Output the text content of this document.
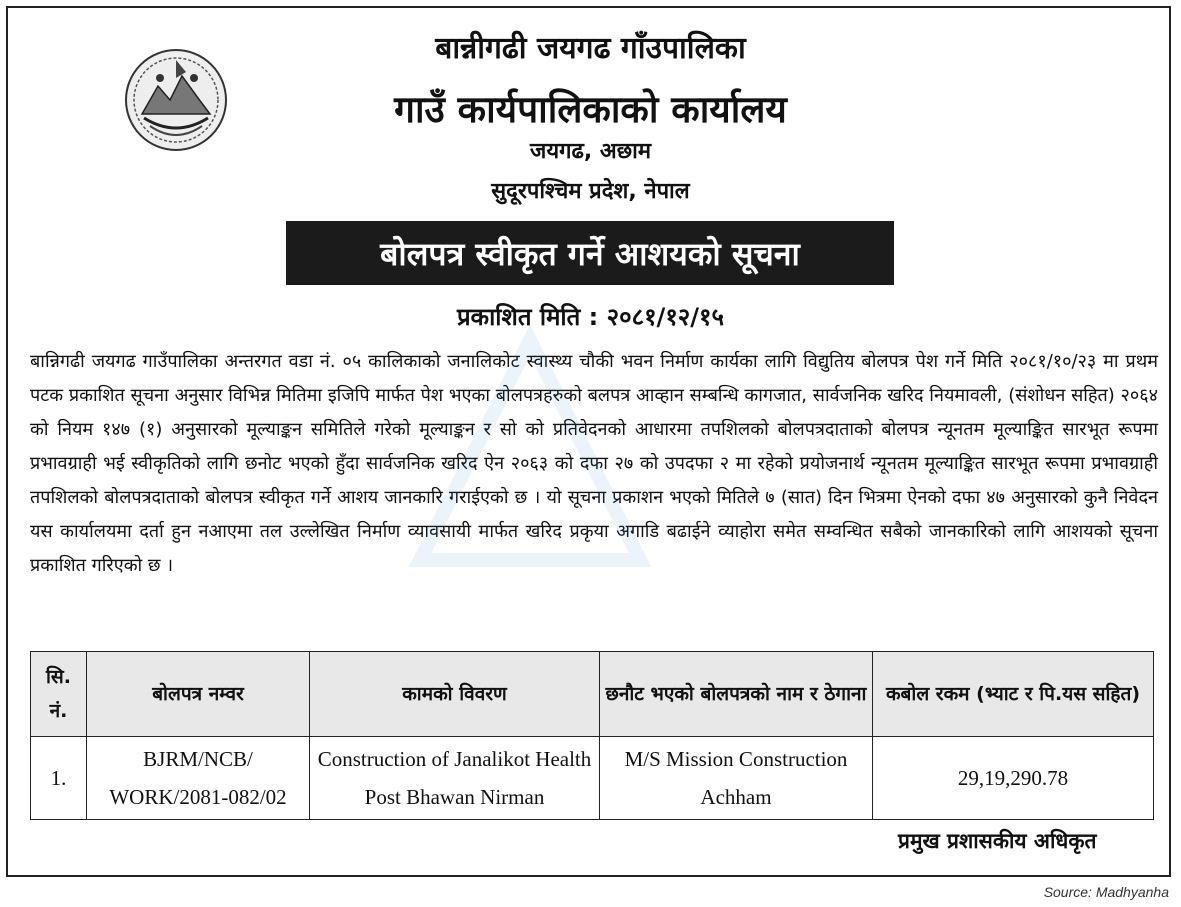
बान्नीगढी जयगढ गाँउपालिका
गाउँ कार्यपालिकाको कार्यालय
जयगढ, अछाम
सुदूरपश्चिम प्रदेश, नेपाल
बोलपत्र स्वीकृत गर्ने आशयको सूचना
प्रकाशित मिति : २०८१/१२/१५
बान्निगढी जयगढ गाउँपालिका अन्तरगत वडा नं. ०५ कालिकाको जनालिकोट स्वास्थ्य चौकी भवन निर्माण कार्यका लागि विद्युतिय बोलपत्र पेश गर्ने मिति २०८१/१०/२३ मा प्रथम पटक प्रकाशित सूचना अनुसार विभिन्न मितिमा इजिपि मार्फत पेश भएका बोलपत्रहरुको बलपत्र आव्हान सम्बन्धि कागजात, सार्वजनिक खरिद नियमावली, (संशोधन सहित) २०६४ को नियम १४७ (१) अनुसारको मूल्याङ्कन समितिले गरेको मूल्याङ्कन र सो को प्रतिवेदनको आधारमा तपशिलको बोलपत्रदाताको बोलपत्र न्यूनतम मूल्याङ्कित सारभूत रूपमा प्रभावग्राही भई स्वीकृतिको लागि छनोट भएको हुँदा सार्वजनिक खरिद ऐन २०६३ को दफा २७ को उपदफा २ मा रहेको प्रयोजनार्थ न्यूनतम मूल्याङ्कित सारभूत रूपमा प्रभावग्राही तपशिलको बोलपत्रदाताको बोलपत्र स्वीकृत गर्ने आशय जानकारि गराईएको छ । यो सूचना प्रकाशन भएको मितिले ७ (सात) दिन भित्रमा ऐनको दफा ४७ अनुसारको कुनै निवेदन यस कार्यालयमा दर्ता हुन नआएमा तल उल्लेखित निर्माण व्यावसायी मार्फत खरिद प्रकृया अगाडि बढाईने व्याहोरा समेत सम्वन्धित सबैको जानकारिको लागि आशयको सूचना प्रकाशित गरिएको छ ।
सि. नं.	बोलपत्र नम्वर	कामको विवरण	छनौट भएको बोलपत्रको नाम र ठेगाना	कबोल रकम (भ्याट र पि.यस सहित)
1.	BJRM/NCB/ WORK/2081-082/02	Construction of Janalikot Health Post Bhawan Nirman	M/S Mission Construction Achham	29,19,290.78
प्रमुख प्रशासकीय अधिकृत
Source: Madhyanha
